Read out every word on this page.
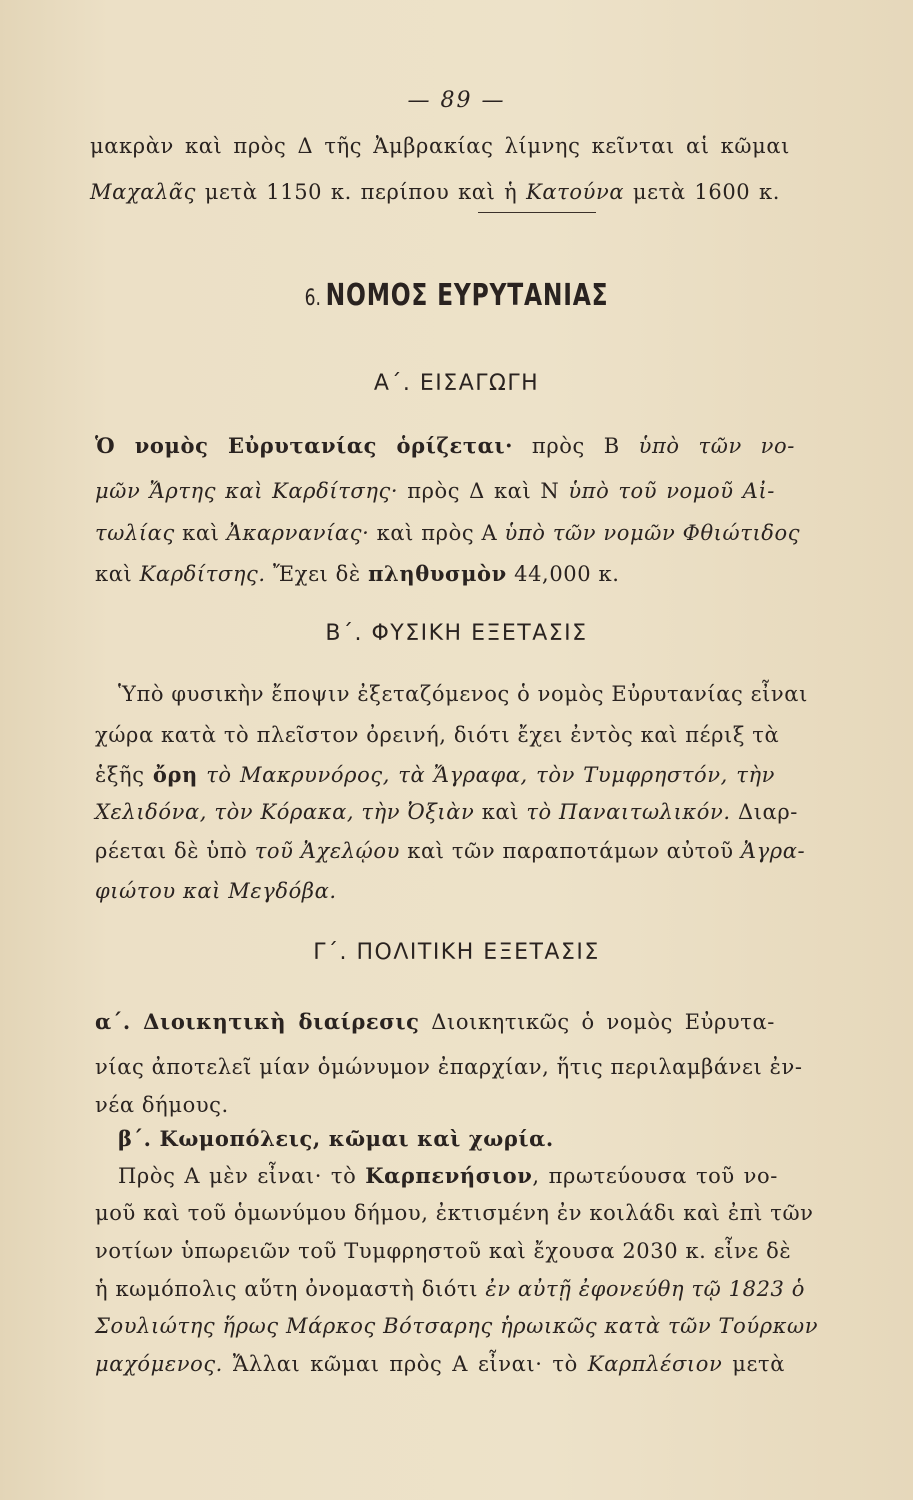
— 89 —
μακρὰν καὶ πρὸς Δ τῆς Ἀμβρακίας λίμνης κεῖνται αἱ κῶμαι
Μαχαλᾶς μετὰ 1150 κ. περίπου καὶ ἡ Κατούνα μετὰ 1600 κ.
6. ΝΟΜΟΣ ΕΥΡΥΤΑΝΙΑΣ
Α΄. ΕΙΣΑΓΩΓΗ
Ὁ νομὸς Εὐρυτανίας ὁρίζεται· πρὸς Β ὑπὸ τῶν νο-
μῶν Ἄρτης καὶ Καρδίτσης· πρὸς Δ καὶ Ν ὑπὸ τοῦ νομοῦ Αἰ-
τωλίας καὶ Ἀκαρνανίας· καὶ πρὸς Α ὑπὸ τῶν νομῶν Φθιώτιδος
καὶ Καρδίτσης. Ἔχει δὲ πληθυσμὸν 44,000 κ.
Β΄. ΦΥΣΙΚΗ ΕΞΕΤΑΣΙΣ
Ὑπὸ φυσικὴν ἔποψιν ἐξεταζόμενος ὁ νομὸς Εὐρυτανίας εἶναι
χώρα κατὰ τὸ πλεῖστον ὀρεινή, διότι ἔχει ἐντὸς καὶ πέριξ τὰ
ἑξῆς ὄρη τὸ Μακρυνόρος, τὰ Ἄγραφα, τὸν Τυμφρηστόν, τὴν
Χελιδόνα, τὸν Κόρακα, τὴν Ὀξιὰν καὶ τὸ Παναιτωλικόν. Διαρ-
ρέεται δὲ ὑπὸ τοῦ Ἀχελῴου καὶ τῶν παραποτάμων αὐτοῦ Ἀγρα-
φιώτου καὶ Μεγδόβα.
Γ΄. ΠΟΛΙΤΙΚΗ ΕΞΕΤΑΣΙΣ
α΄. Διοικητικὴ διαίρεσις Διοικητικῶς ὁ νομὸς Εὐρυτα-
νίας ἀποτελεῖ μίαν ὁμώνυμον ἐπαρχίαν, ἥτις περιλαμβάνει ἐν-
νέα δήμους.
β΄. Κωμοπόλεις, κῶμαι καὶ χωρία.
Πρὸς Α μὲν εἶναι· τὸ Καρπενήσιον, πρωτεύουσα τοῦ νο-
μοῦ καὶ τοῦ ὁμωνύμου δήμου, ἐκτισμένη ἐν κοιλάδι καὶ ἐπὶ τῶν
νοτίων ὑπωρειῶν τοῦ Τυμφρηστοῦ καὶ ἔχουσα 2030 κ. εἶνε δὲ
ἡ κωμόπολις αὕτη ὀνομαστὴ διότι ἐν αὐτῇ ἐφονεύθη τῷ 1823 ὁ
Σουλιώτης ἥρως Μάρκος Βότσαρης ἡρωικῶς κατὰ τῶν Τούρκων
μαχόμενος. Ἄλλαι κῶμαι πρὸς Α εἶναι· τὸ Καρπλέσιον μετὰ
